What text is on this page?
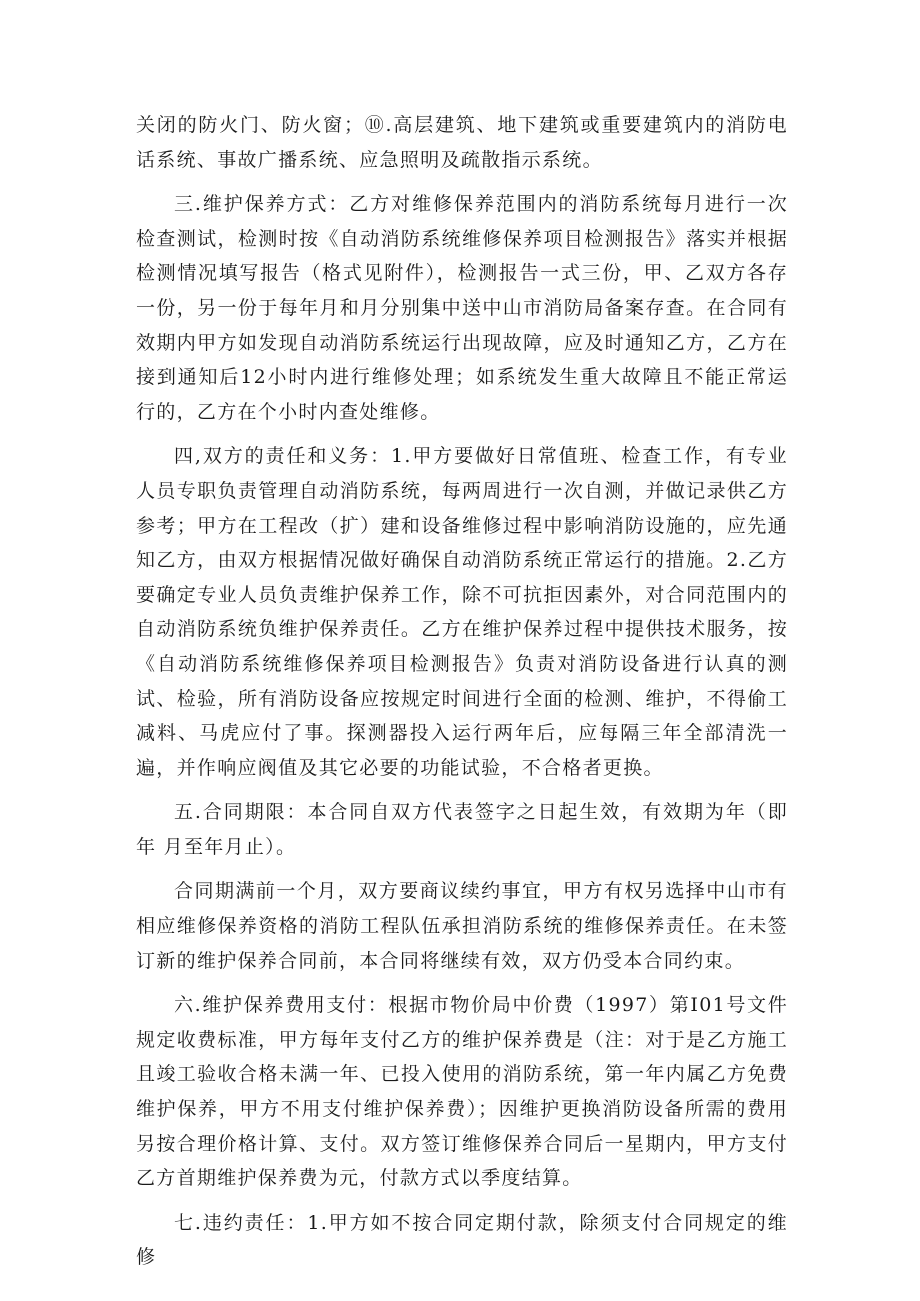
关闭的防火门、防火窗；⑩.高层建筑、地下建筑或重要建筑内的消防电话系统、事故广播系统、应急照明及疏散指示系统。

三.维护保养方式：乙方对维修保养范围内的消防系统每月进行一次检查测试，检测时按《自动消防系统维修保养项目检测报告》落实并根据检测情况填写报告（格式见附件），检测报告一式三份，甲、乙双方各存一份，另一份于每年月和月分别集中送中山市消防局备案存查。在合同有效期内甲方如发现自动消防系统运行出现故障，应及时通知乙方，乙方在接到通知后12小时内进行维修处理；如系统发生重大故障且不能正常运行的，乙方在个小时内查处维修。

四,双方的责任和义务：1.甲方要做好日常值班、检查工作，有专业人员专职负责管理自动消防系统，每两周进行一次自测，并做记录供乙方参考；甲方在工程改（扩）建和设备维修过程中影响消防设施的，应先通知乙方，由双方根据情况做好确保自动消防系统正常运行的措施。2.乙方要确定专业人员负责维护保养工作，除不可抗拒因素外，对合同范围内的自动消防系统负维护保养责任。乙方在维护保养过程中提供技术服务，按《自动消防系统维修保养项目检测报告》负责对消防设备进行认真的测试、检验，所有消防设备应按规定时间进行全面的检测、维护，不得偷工减料、马虎应付了事。探测器投入运行两年后，应每隔三年全部清洗一遍，并作响应阀值及其它必要的功能试验，不合格者更换。

五.合同期限：本合同自双方代表签字之日起生效，有效期为年（即年 月至年月止）。

合同期满前一个月，双方要商议续约事宜，甲方有权另选择中山市有相应维修保养资格的消防工程队伍承担消防系统的维修保养责任。在未签订新的维护保养合同前，本合同将继续有效，双方仍受本合同约束。

六.维护保养费用支付：根据市物价局中价费（1997）第I01号文件规定收费标准，甲方每年支付乙方的维护保养费是（注：对于是乙方施工且竣工验收合格未满一年、已投入使用的消防系统，第一年内属乙方免费维护保养，甲方不用支付维护保养费）；因维护更换消防设备所需的费用另按合理价格计算、支付。双方签订维修保养合同后一星期内，甲方支付乙方首期维护保养费为元，付款方式以季度结算。

七.违约责任：1.甲方如不按合同定期付款，除须支付合同规定的维修
